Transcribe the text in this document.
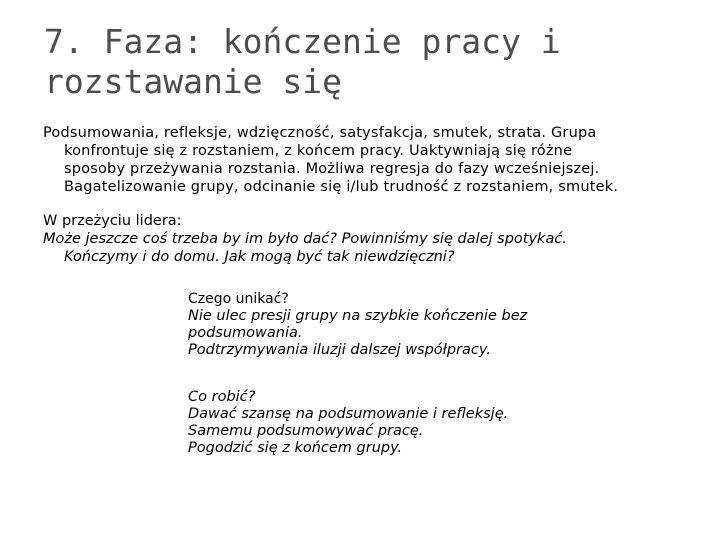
7. Faza: kończenie pracy i
rozstawanie się
Podsumowania, refleksje, wdzięczność, satysfakcja, smutek, strata. Grupa
konfrontuje się z rozstaniem, z końcem pracy. Uaktywniają się różne
sposoby przeżywania rozstania. Możliwa regresja do fazy wcześniejszej.
Bagatelizowanie grupy, odcinanie się i/lub trudność z rozstaniem, smutek.
W przeżyciu lidera:
Może jeszcze coś trzeba by im było dać? Powinniśmy się dalej spotykać.
Kończymy i do domu. Jak mogą być tak niewdzięczni?
Czego unikać?
Nie ulec presji grupy na szybkie kończenie bez
podsumowania.
Podtrzymywania iluzji dalszej współpracy.
Co robić?
Dawać szansę na podsumowanie i refleksję.
Samemu podsumowywać pracę.
Pogodzić się z końcem grupy.
